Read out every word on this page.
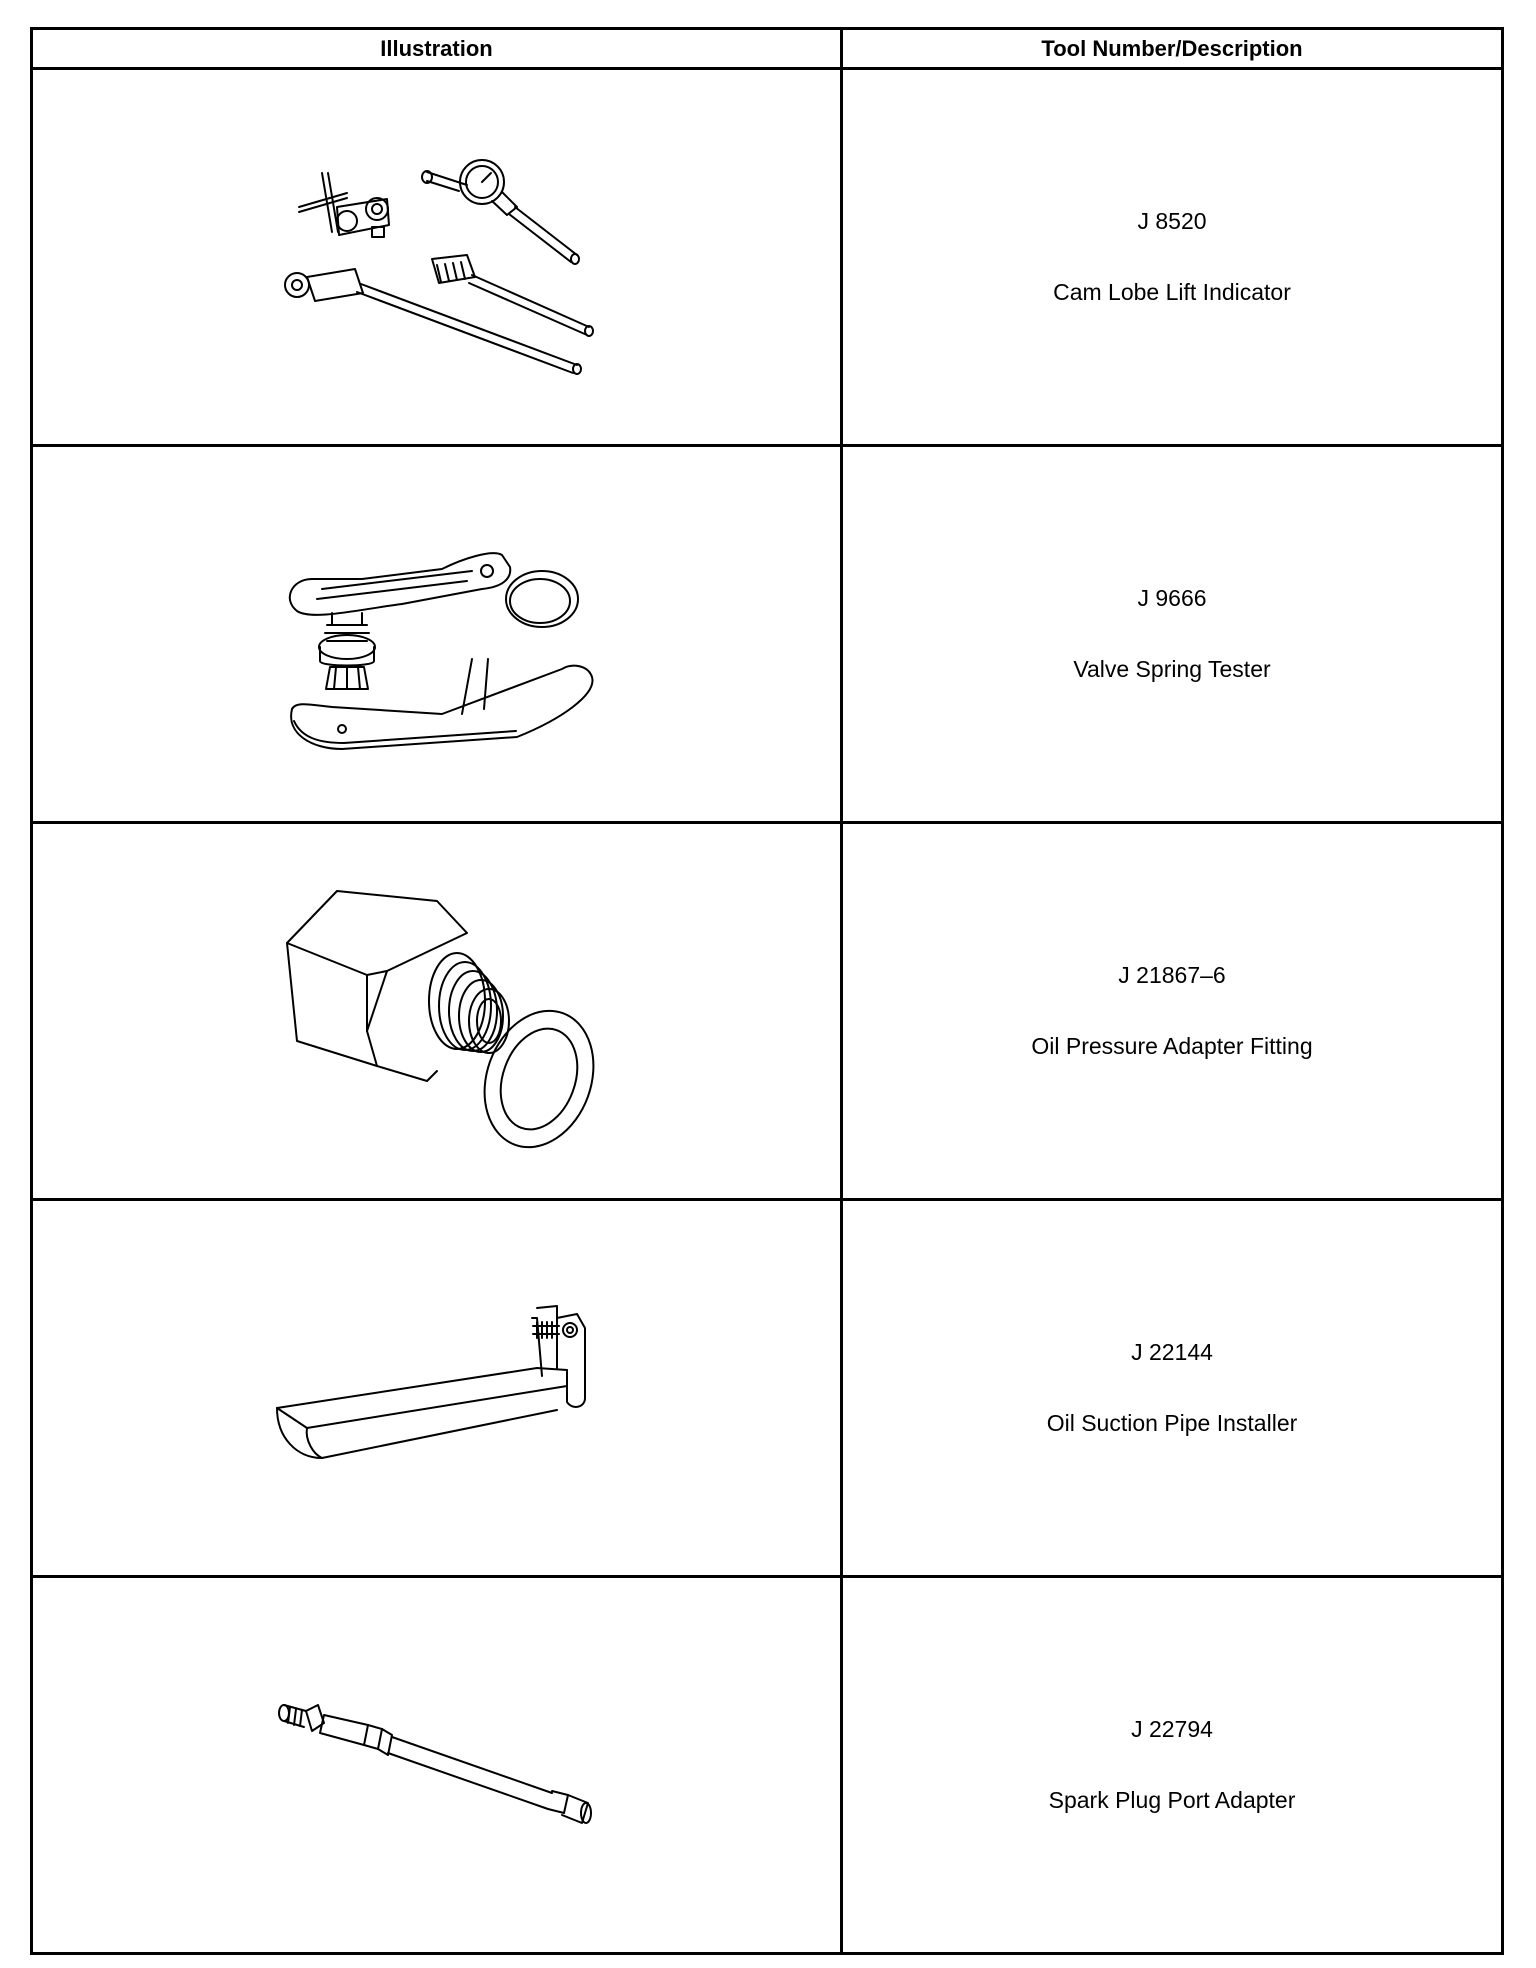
Illustration	Tool Number/Description

J 8520
Cam Lobe Lift Indicator

J 9666
Valve Spring Tester

J 21867–6
Oil Pressure Adapter Fitting

J 22144
Oil Suction Pipe Installer

J 22794
Spark Plug Port Adapter
